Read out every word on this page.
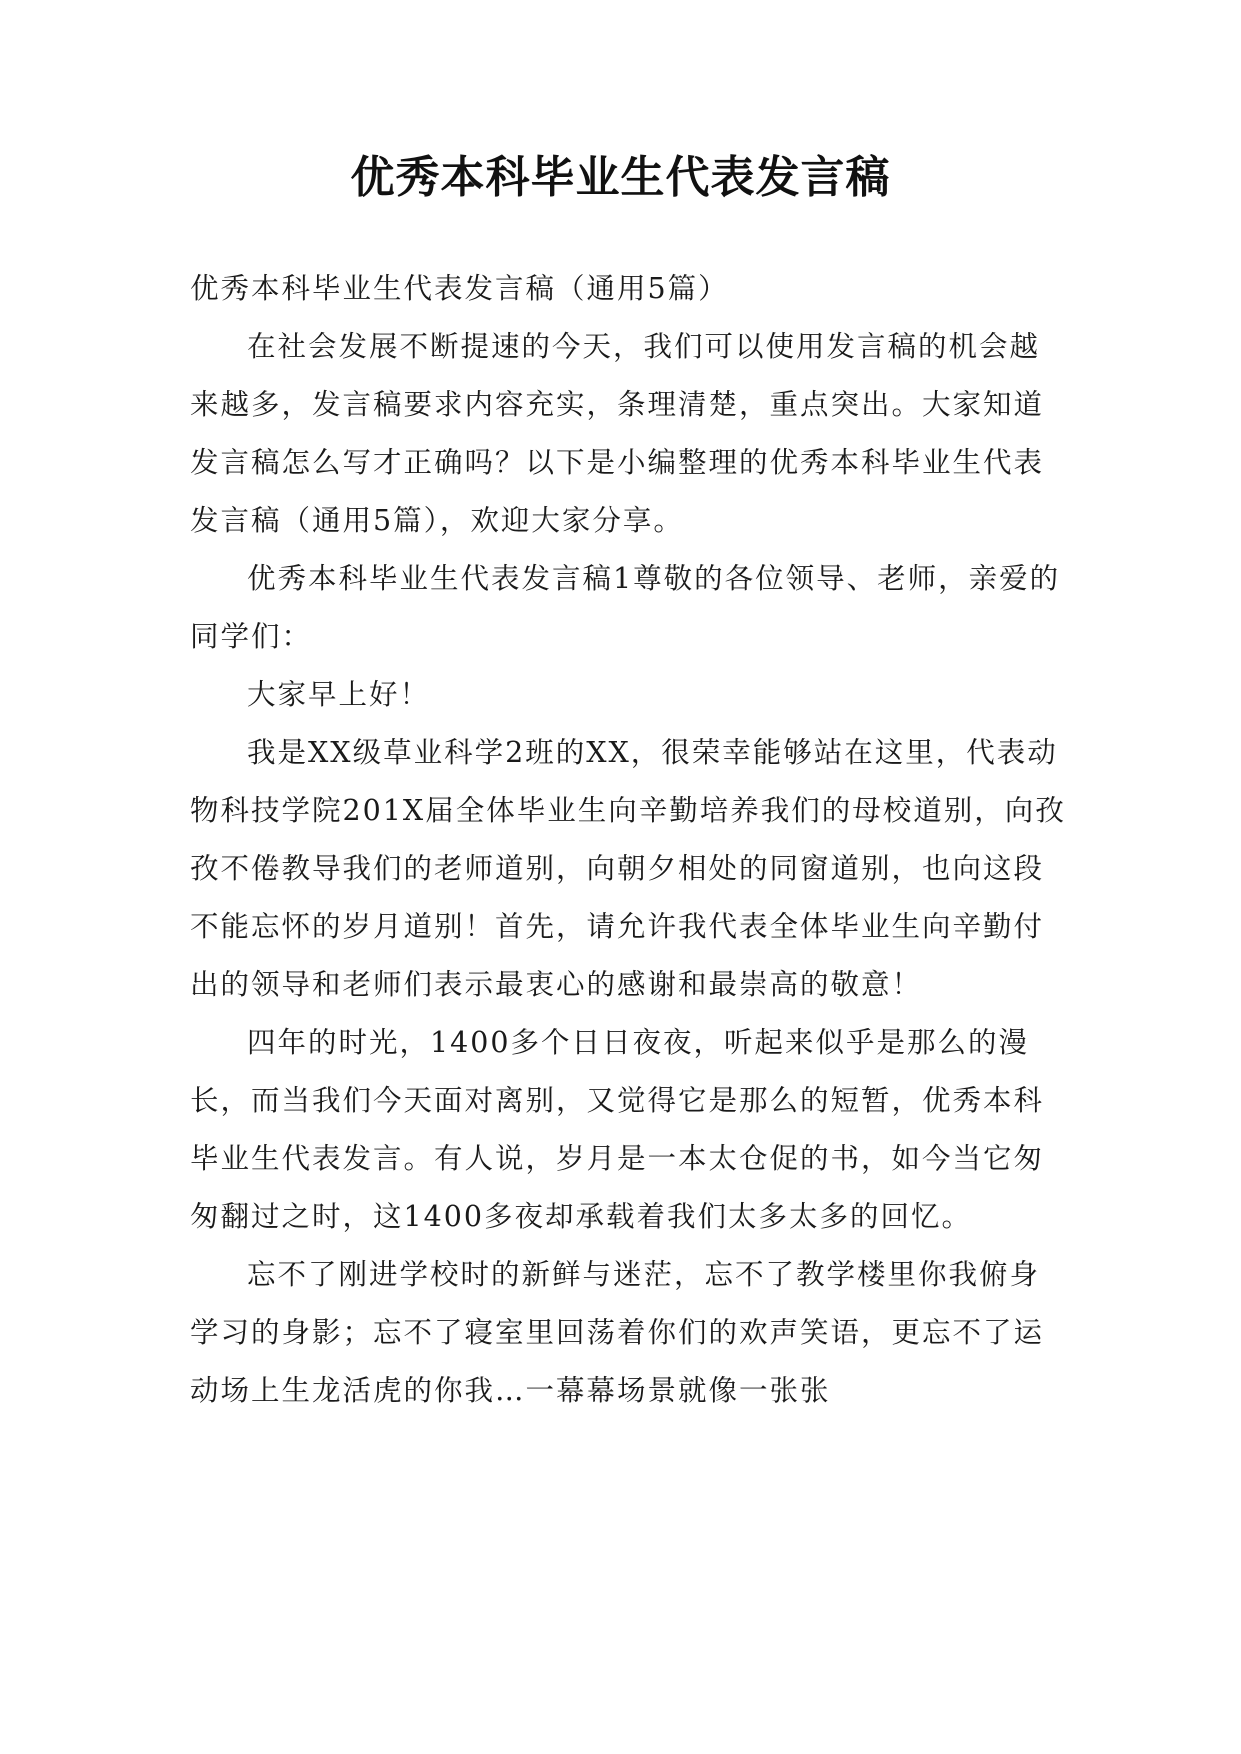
优秀本科毕业生代表发言稿

优秀本科毕业生代表发言稿（通用5篇）

在社会发展不断提速的今天，我们可以使用发言稿的机会越来越多，发言稿要求内容充实，条理清楚，重点突出。大家知道发言稿怎么写才正确吗？以下是小编整理的优秀本科毕业生代表发言稿（通用5篇），欢迎大家分享。

优秀本科毕业生代表发言稿1尊敬的各位领导、老师，亲爱的同学们：

大家早上好！

我是XX级草业科学2班的XX，很荣幸能够站在这里，代表动物科技学院201X届全体毕业生向辛勤培养我们的母校道别，向孜孜不倦教导我们的老师道别，向朝夕相处的同窗道别，也向这段不能忘怀的岁月道别！首先，请允许我代表全体毕业生向辛勤付出的领导和老师们表示最衷心的感谢和最崇高的敬意！

四年的时光，1400多个日日夜夜，听起来似乎是那么的漫长，而当我们今天面对离别，又觉得它是那么的短暂，优秀本科毕业生代表发言。有人说，岁月是一本太仓促的书，如今当它匆匆翻过之时，这1400多夜却承载着我们太多太多的回忆。

忘不了刚进学校时的新鲜与迷茫，忘不了教学楼里你我俯身学习的身影；忘不了寝室里回荡着你们的欢声笑语，更忘不了运动场上生龙活虎的你我…一幕幕场景就像一张张
